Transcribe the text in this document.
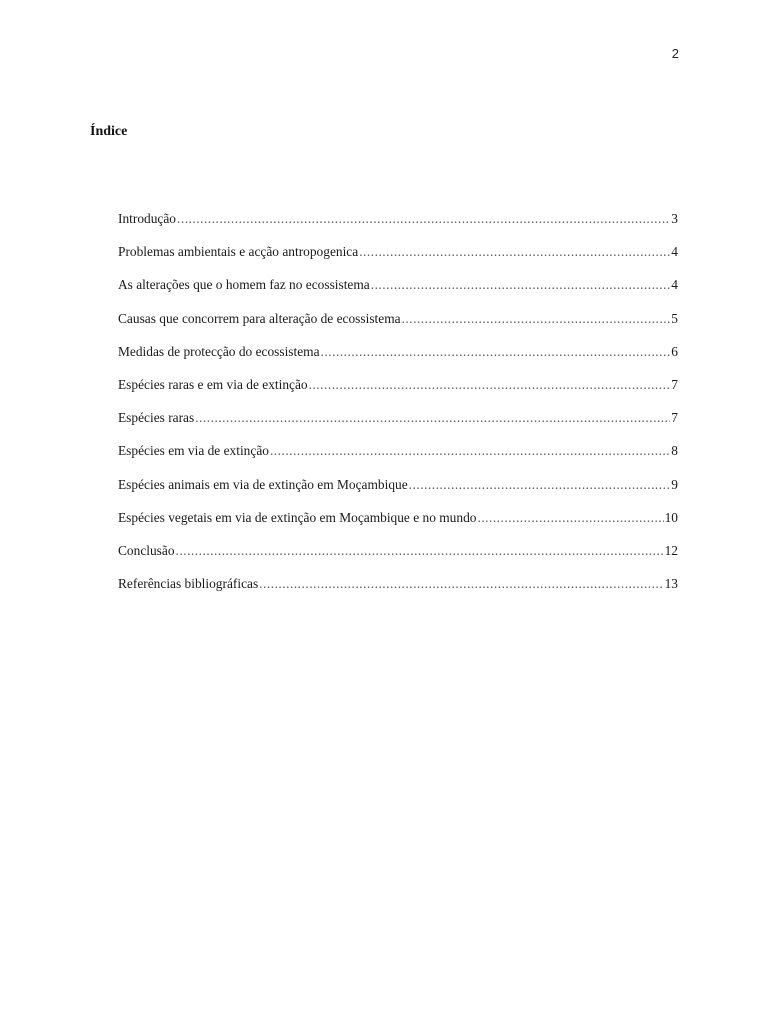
2
Índice
Introdução .....	3
Problemas ambientais e acção antropogenica .....	4
As alterações que o homem faz no ecossistema .....	4
Causas que concorrem para alteração de ecossistema .....	5
Medidas de protecção do ecossistema .....	6
Espécies raras e em via de extinção .....	7
Espécies raras .....	7
Espécies em via de extinção .....	8
Espécies animais em via de extinção em Moçambique .....	9
Espécies vegetais em via de extinção em Moçambique e no mundo .....	10
Conclusão .....	12
Referências bibliográficas .....	13
